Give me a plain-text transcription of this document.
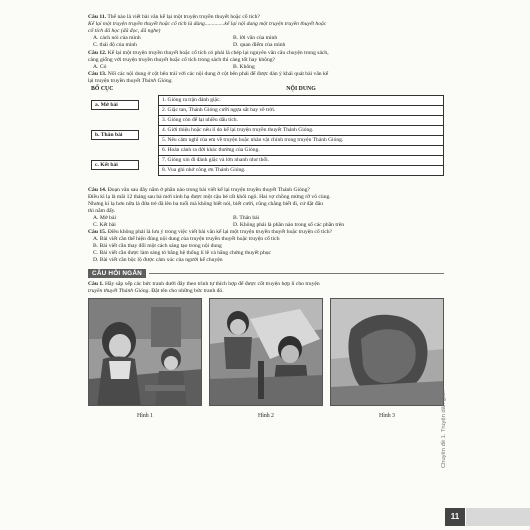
Câu 11. Thế nào là viết bài văn kể lại một truyện truyền thuyết hoặc cổ tích?
Kể lại một truyện truyền thuyết hoặc cổ tích là dùng..............kể lại nội dung một truyện truyền thuyết hoặc
cổ tích đã học (đã đọc, đã nghe)
A. cách nói của mình	B. lời văn của mình
C. thái độ của mình	D. quan điểm của mình
Câu 12. Kể lại một truyện truyền thuyết hoặc cổ tích có phải là chép lại nguyên văn câu chuyện trong sách,
càng giống với truyện truyền thuyết hoặc cổ tích trong sách thì càng tốt hay không?
A. Có	B. Không
Câu 13. Nối các nội dung ở cột bên trái với các nội dung ở cột bên phải để được dàn ý khái quát bài văn kể
lại truyện truyền thuyết Thánh Gióng.
BỐ CỤC	NỘI DUNG
a. Mở bài
b. Thân bài
c. Kết bài
1. Gióng ra trận đánh giặc.
2. Giặc tan, Thánh Gióng cưỡi ngựa sắt bay về trời.
3. Gióng còn để lại nhiều dấu tích.
4. Giới thiệu hoặc nêu lí do kể lại truyện truyền thuyết Thánh Gióng.
5. Nêu cảm nghĩ của em về truyện hoặc nhân vật chính trong truyện Thánh Gióng.
6. Hoàn cảnh ra đời khác thường của Gióng.
7. Gióng xin đi đánh giặc và lớn nhanh như thổi.
8. Vua ghi nhớ công ơn Thánh Gióng.
Câu 14. Đoạn văn sau đây nằm ở phần nào trong bài viết kể lại truyện truyền thuyết Thánh Gióng?
Điều kì lạ là mãi 12 tháng sau bà mới sinh hạ được một cậu bé rất khôi ngô. Hai vợ chồng mừng rỡ vô cùng.
Nhưng kì lạ hơn nữa là đứa trẻ đã lên ba tuổi mà không biết nói, biết cười, cũng chẳng biết đi, cứ đặt đâu
thì nằm đấy.
A. Mở bài	B. Thân bài
C. Kết bài	D. Không phải là phần nào trong số các phần trên
Câu 15. Điều không phải là lưu ý trong việc viết bài văn kể lại một truyện truyền thuyết hoặc truyện cổ tích?
A. Bài viết cần thể hiện đúng nội dung của truyện truyền thuyết hoặc truyện cổ tích
B. Bài viết cần thay đổi một cách sáng tạo trong nội dung
C. Bài viết cần được làm sáng tỏ bằng hệ thống lí lẽ và hằng chứng thuyết phục
D. Bài viết cần bộc lộ được cảm xúc của người kể chuyện
CÂU HỎI NGẮN
Câu 1. Hãy sắp xếp các bức tranh dưới đây theo trình tự thích hợp để được cốt truyện hợp lí cho truyện
truyền thuyết Thánh Gióng. Đặt tên cho những bức tranh đó.
Hình 1	Hình 2	Hình 3	Chuyên đề 1. Truyện dân gian
11
